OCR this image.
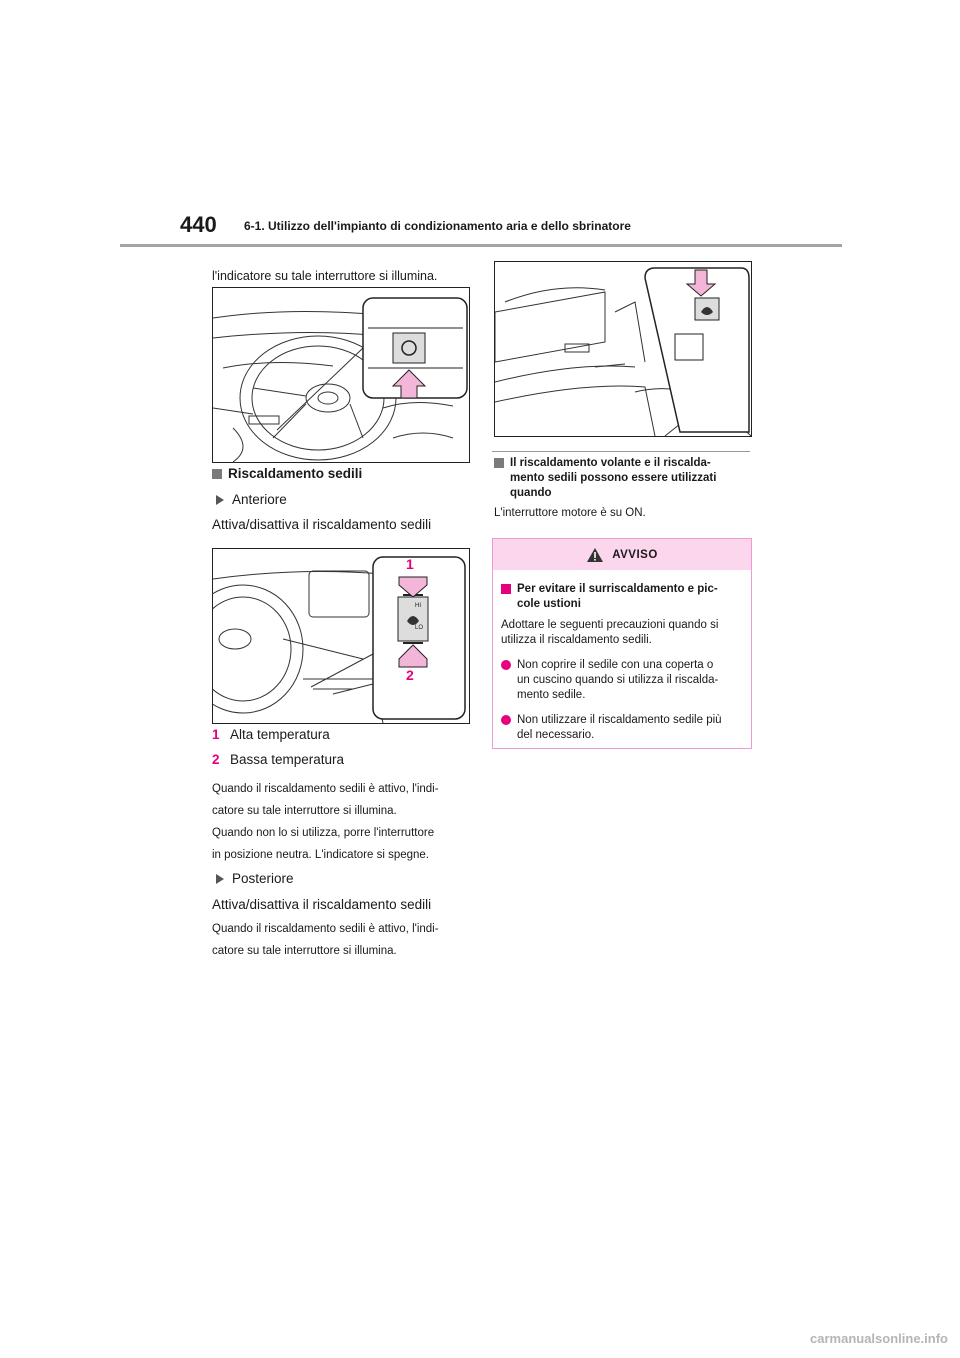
440 6-1. Utilizzo dell'impianto di condizionamento aria e dello sbrinatore
l'indicatore su tale interruttore si illumina.
Riscaldamento sedili
Anteriore
Attiva/disattiva il riscaldamento sedili
1
HI
LO
2
1 Alta temperatura
2 Bassa temperatura
Quando il riscaldamento sedili è attivo, l'indi-
catore su tale interruttore si illumina.
Quando non lo si utilizza, porre l'interruttore
in posizione neutra. L'indicatore si spegne.
Posteriore
Attiva/disattiva il riscaldamento sedili
Quando il riscaldamento sedili è attivo, l'indi-
catore su tale interruttore si illumina.
Il riscaldamento volante e il riscalda-
mento sedili possono essere utilizzati
quando
L'interruttore motore è su ON.
AVVISO
Per evitare il surriscaldamento e pic-
cole ustioni
Adottare le seguenti precauzioni quando si
utilizza il riscaldamento sedili.
Non coprire il sedile con una coperta o
un cuscino quando si utilizza il riscalda-
mento sedile.
Non utilizzare il riscaldamento sedile più
del necessario.
carmanualsonline.info
